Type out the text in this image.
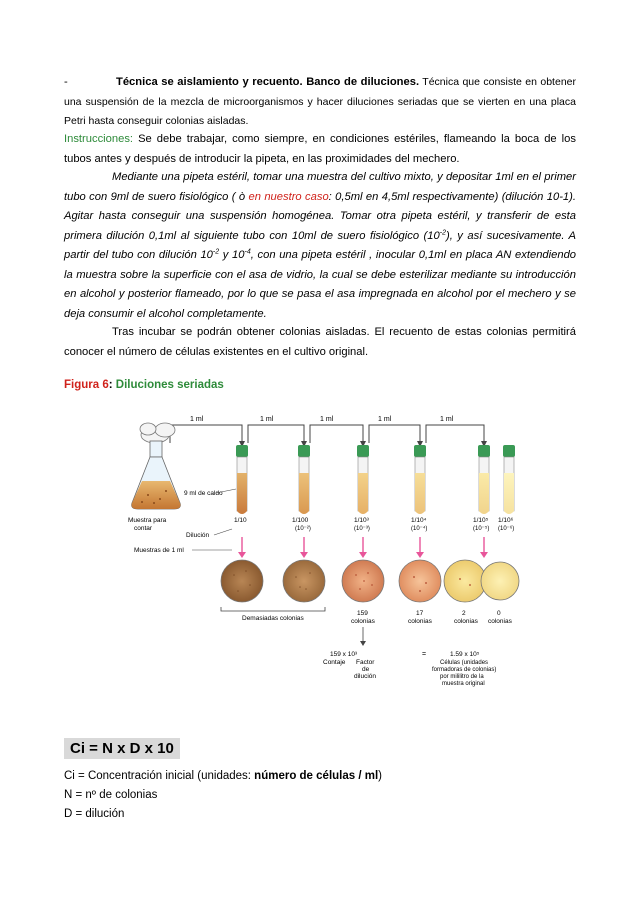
-	Técnica se aislamiento y recuento. Banco de diluciones. Técnica que consiste en obtener una suspensión de la mezcla de microorganismos y hacer diluciones seriadas que se vierten en una placa Petri hasta conseguir colonias aisladas.
Instrucciones: Se debe trabajar, como siempre, en condiciones estériles, flameando la boca de los tubos antes y después de introducir la pipeta, en las proximidades del mechero.
Mediante una pipeta estéril, tomar una muestra del cultivo mixto, y depositar 1ml en el primer tubo con 9ml de suero fisiológico ( ò en nuestro caso: 0,5ml en 4,5ml respectivamente) (dilución 10-1). Agitar hasta conseguir una suspensión homogénea. Tomar otra pipeta estéril, y transferir de esta primera dilución 0,1ml al siguiente tubo con 10ml de suero fisiológico $(10^{-2})$, y así sucesivamente. A partir del tubo con dilución $10^{-2}$ y $10^{-4}$, con una pipeta estéril , inocular 0,1ml en placa AN extendiendo la muestra sobre la superficie con el asa de vidrio, la cual se debe esterilizar mediante su introducción en alcohol y posterior flameado, por lo que se pasa el asa impregnada en alcohol por el mechero y se deja consumir el alcohol completamente.
Tras incubar se podrán obtener colonias aisladas. El recuento de estas colonias permitirá conocer el número de células existentes en el cultivo original.
Figura 6: Diluciones seriadas
1 ml	1 ml	1 ml	1 ml	1 ml
9 ml de caldo
Muestra para
contar
Dilución
1/10	1/100
(10⁻²)
1/10³
(10⁻³)
1/10⁴
(10⁻⁴)
1/10⁵
(10⁻⁵)
1/10⁶
(10⁻⁶)
Muestras de 1 ml
Demasiadas colonias
159
colonias
17
colonias
2
colonias
0
colonias
159 x 10³	=	1.59 x 10⁵
Contaje Factor
de
dilución
Células (unidades
formadoras de colonias)
por mililitro de la
muestra original
Ci = N x D x 10
Ci = Concentración inicial (unidades: número de células / ml)
N = nº de colonias
D = dilución
